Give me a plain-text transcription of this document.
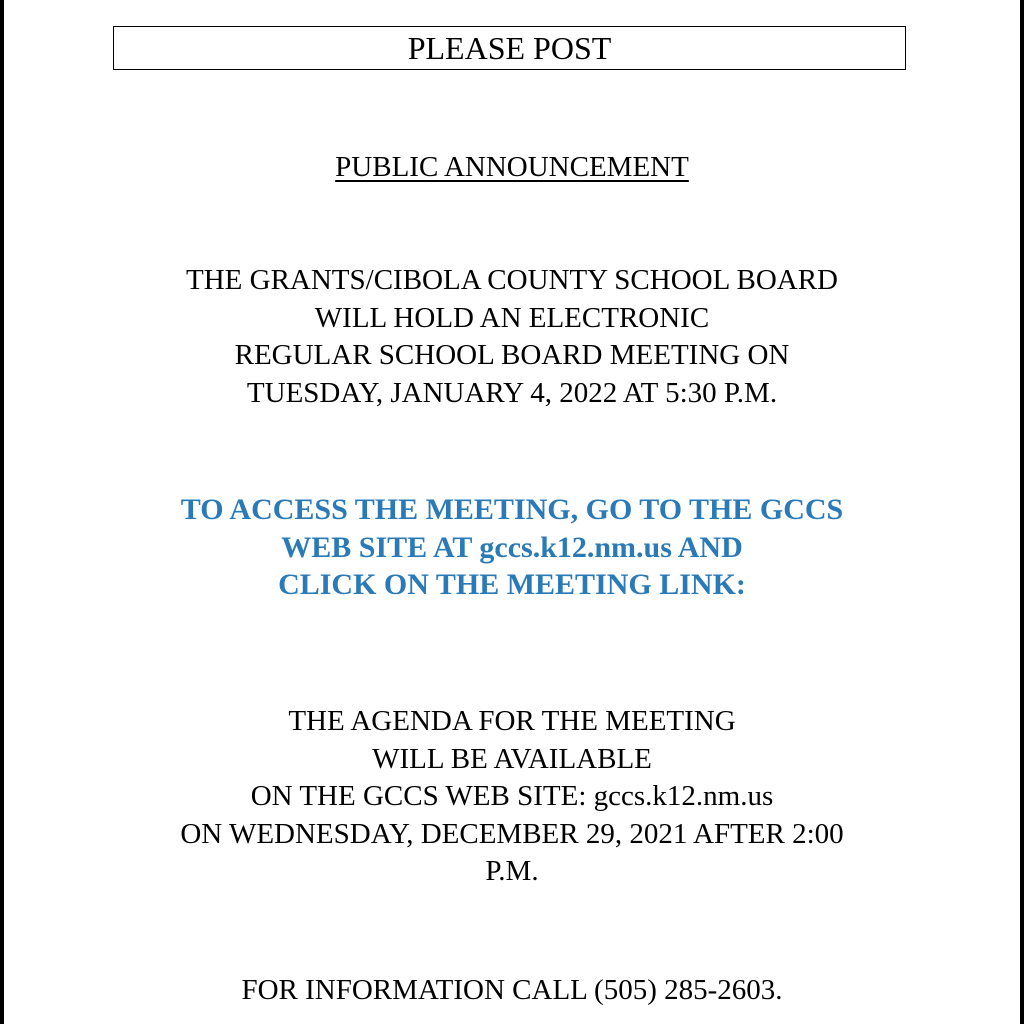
PLEASE POST
PUBLIC ANNOUNCEMENT
THE GRANTS/CIBOLA COUNTY SCHOOL BOARD
WILL HOLD AN ELECTRONIC
REGULAR SCHOOL BOARD MEETING ON
TUESDAY, JANUARY 4, 2022 AT 5:30 P.M.
TO ACCESS THE MEETING, GO TO THE GCCS
WEB SITE AT gccs.k12.nm.us AND
CLICK ON THE MEETING LINK:
THE AGENDA FOR THE MEETING
WILL BE AVAILABLE
ON THE GCCS WEB SITE: gccs.k12.nm.us
ON WEDNESDAY, DECEMBER 29, 2021 AFTER 2:00
P.M.
FOR INFORMATION CALL (505) 285-2603.
